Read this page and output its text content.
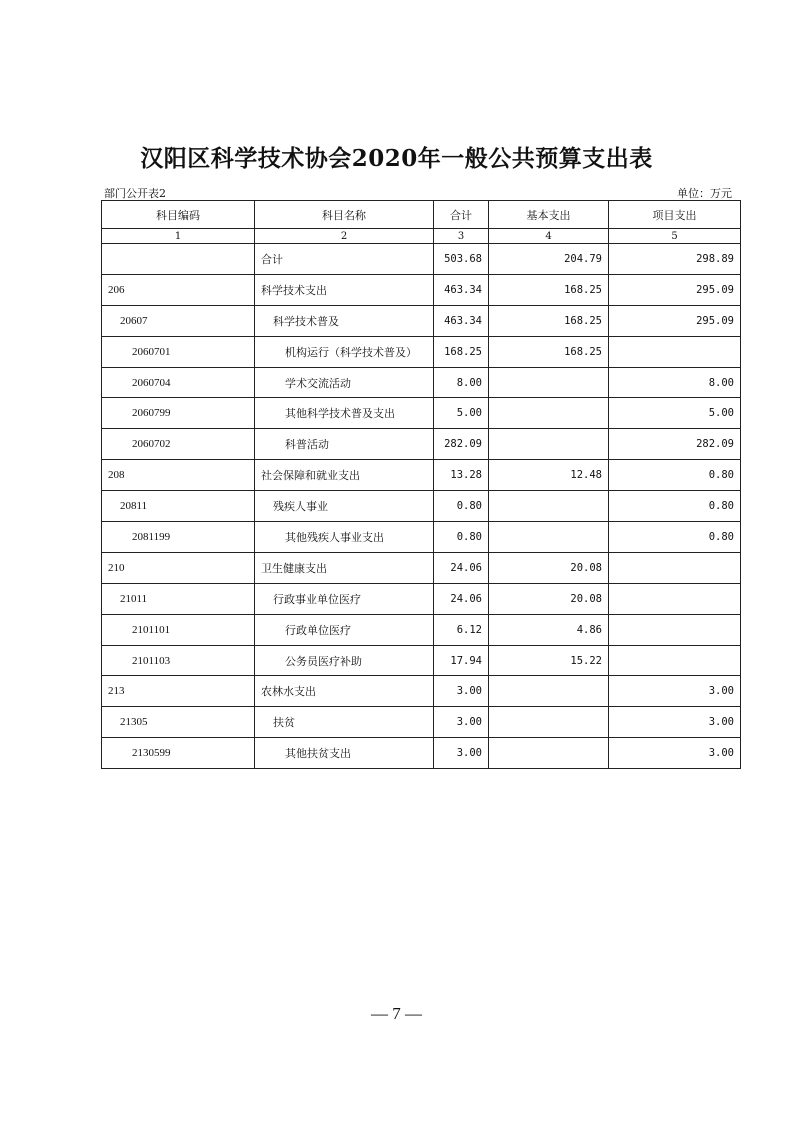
汉阳区科学技术协会2020年一般公共预算支出表
部门公开表2	单位：万元
科目编码	科目名称	合计	基本支出	项目支出
1	2	3	4	5
	合计	503.68	204.79	298.89
206	科学技术支出	463.34	168.25	295.09
20607	科学技术普及	463.34	168.25	295.09
2060701	机构运行（科学技术普及）	168.25	168.25	
2060704	学术交流活动	8.00		8.00
2060799	其他科学技术普及支出	5.00		5.00
2060702	科普活动	282.09		282.09
208	社会保障和就业支出	13.28	12.48	0.80
20811	残疾人事业	0.80		0.80
2081199	其他残疾人事业支出	0.80		0.80
210	卫生健康支出	24.06	20.08	
21011	行政事业单位医疗	24.06	20.08	
2101101	行政单位医疗	6.12	4.86	
2101103	公务员医疗补助	17.94	15.22	
213	农林水支出	3.00		3.00
21305	扶贫	3.00		3.00
2130599	其他扶贫支出	3.00		3.00
— 7 —
